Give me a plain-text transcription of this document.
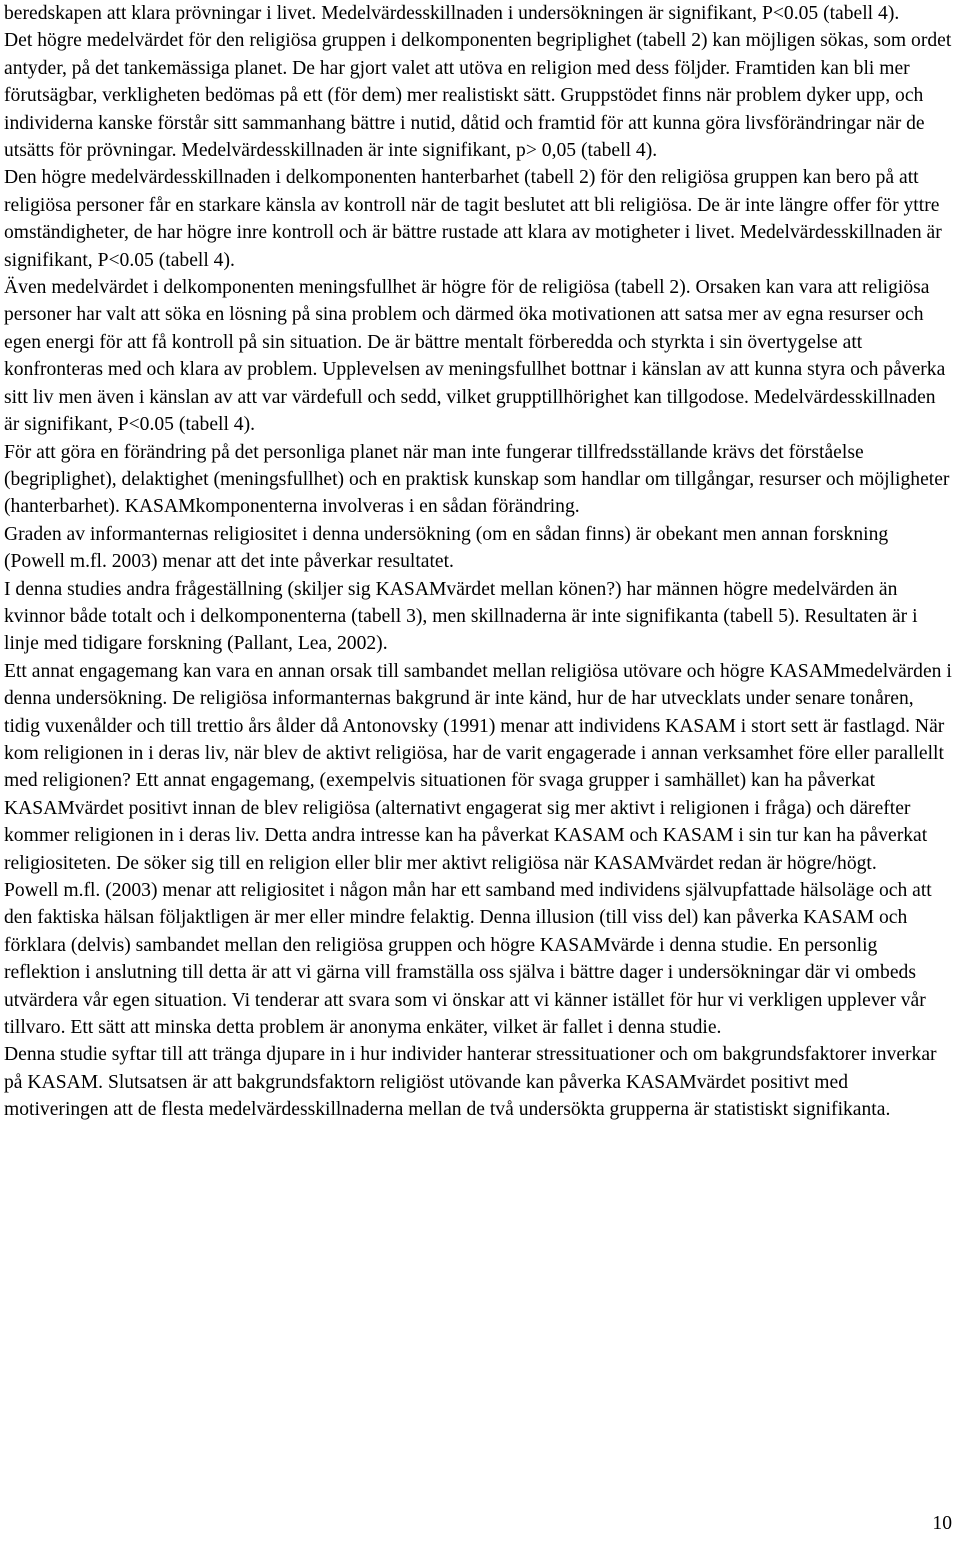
beredskapen att klara prövningar i livet. Medelvärdesskillnaden i undersökningen är signifikant, P<0.05 (tabell 4).

Det högre medelvärdet för den religiösa gruppen i delkomponenten begriplighet (tabell 2) kan möjligen sökas, som ordet antyder, på det tankemässiga planet. De har gjort valet att utöva en religion med dess följder. Framtiden kan bli mer förutsägbar, verkligheten bedömas på ett (för dem) mer realistiskt sätt. Gruppstödet finns när problem dyker upp, och individerna kanske förstår sitt sammanhang bättre i nutid, dåtid och framtid för att kunna göra livsförändringar när de utsätts för prövningar. Medelvärdesskillnaden är inte signifikant, p> 0,05 (tabell 4).

Den högre medelvärdesskillnaden i delkomponenten hanterbarhet (tabell 2) för den religiösa gruppen kan bero på att religiösa personer får en starkare känsla av kontroll när de tagit beslutet att bli religiösa. De är inte längre offer för yttre omständigheter, de har högre inre kontroll och är bättre rustade att klara av motigheter i livet. Medelvärdesskillnaden är signifikant, P<0.05 (tabell 4).

Även medelvärdet i delkomponenten meningsfullhet är högre för de religiösa (tabell 2). Orsaken kan vara att religiösa personer har valt att söka en lösning på sina problem och därmed öka motivationen att satsa mer av egna resurser och egen energi för att få kontroll på sin situation. De är bättre mentalt förberedda och styrkta i sin övertygelse att konfronteras med och klara av problem. Upplevelsen av meningsfullhet bottnar i känslan av att kunna styra och påverka sitt liv men även i känslan av att var värdefull och sedd, vilket grupptillhörighet kan tillgodose. Medelvärdesskillnaden är signifikant, P<0.05 (tabell 4).

För att göra en förändring på det personliga planet när man inte fungerar tillfredsställande krävs det förståelse (begriplighet), delaktighet (meningsfullhet) och en praktisk kunskap som handlar om tillgångar, resurser och möjligheter (hanterbarhet). KASAMkomponenterna involveras i en sådan förändring.

Graden av informanternas religiositet i denna undersökning (om en sådan finns) är obekant men annan forskning (Powell m.fl. 2003) menar att det inte påverkar resultatet.

I denna studies andra frågeställning (skiljer sig KASAMvärdet mellan könen?) har männen högre medelvärden än kvinnor både totalt och i delkomponenterna (tabell 3), men skillnaderna är inte signifikanta (tabell 5). Resultaten är i linje med tidigare forskning (Pallant, Lea, 2002).

Ett annat engagemang kan vara en annan orsak till sambandet mellan religiösa utövare och högre KASAMmedelvärden i denna undersökning. De religiösa informanternas bakgrund är inte känd, hur de har utvecklats under senare tonåren, tidig vuxenålder och till trettio års ålder då Antonovsky (1991) menar att individens KASAM i stort sett är fastlagd. När kom religionen in i deras liv, när blev de aktivt religiösa, har de varit engagerade i annan verksamhet före eller parallellt med religionen? Ett annat engagemang, (exempelvis situationen för svaga grupper i samhället) kan ha påverkat KASAMvärdet positivt innan de blev religiösa (alternativt engagerat sig mer aktivt i religionen i fråga) och därefter kommer religionen in i deras liv. Detta andra intresse kan ha påverkat KASAM och KASAM i sin tur kan ha påverkat religiositeten. De söker sig till en religion eller blir mer aktivt religiösa när KASAMvärdet redan är högre/högt.

Powell m.fl. (2003) menar att religiositet i någon mån har ett samband med individens självupfattade hälsoläge och att den faktiska hälsan följaktligen är mer eller mindre felaktig. Denna illusion (till viss del) kan påverka KASAM och förklara (delvis) sambandet mellan den religiösa gruppen och högre KASAMvärde i denna studie. En personlig reflektion i anslutning till detta är att vi gärna vill framställa oss själva i bättre dager i undersökningar där vi ombeds utvärdera vår egen situation. Vi tenderar att svara som vi önskar att vi känner istället för hur vi verkligen upplever vår tillvaro. Ett sätt att minska detta problem är anonyma enkäter, vilket är fallet i denna studie.

Denna studie syftar till att tränga djupare in i hur individer hanterar stressituationer och om bakgrundsfaktorer inverkar på KASAM. Slutsatsen är att bakgrundsfaktorn religiöst utövande kan påverka KASAMvärdet positivt med motiveringen att de flesta medelvärdesskillnaderna mellan de två undersökta grupperna är statistiskt signifikanta.

10
